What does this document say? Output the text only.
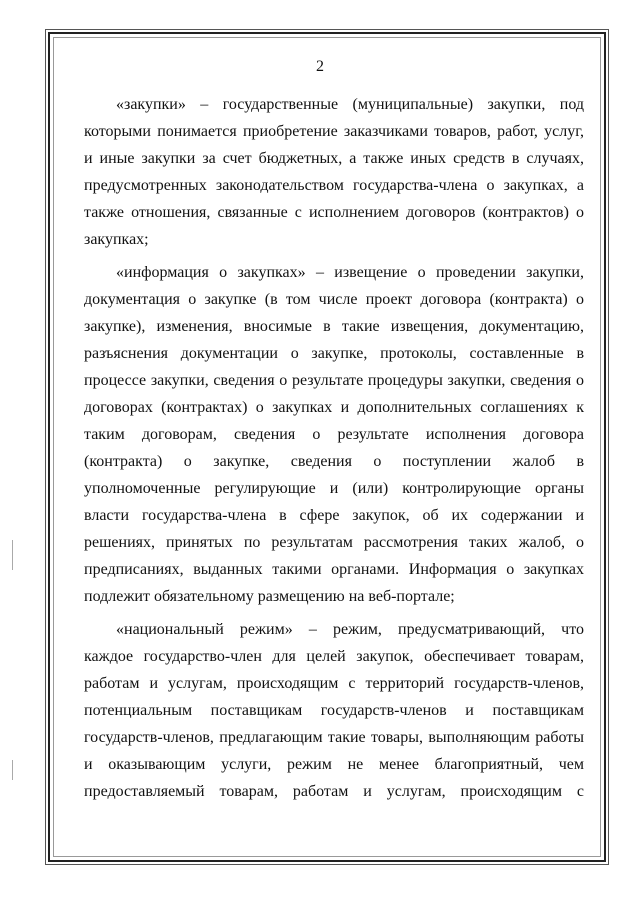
2

«закупки» – государственные (муниципальные) закупки, под
которыми понимается приобретение заказчиками товаров, работ, услуг,
и иные закупки за счет бюджетных, а также иных средств в случаях,
предусмотренных законодательством государства-члена о закупках, а
также отношения, связанные с исполнением договоров (контрактов) о
закупках;

«информация о закупках» – извещение о проведении закупки,
документация о закупке (в том числе проект договора (контракта) о
закупке), изменения, вносимые в такие извещения, документацию,
разъяснения документации о закупке, протоколы, составленные в
процессе закупки, сведения о результате процедуры закупки, сведения о
договорах (контрактах) о закупках и дополнительных соглашениях к
таким договорам, сведения о результате исполнения договора
(контракта) о закупке, сведения о поступлении жалоб в
уполномоченные регулирующие и (или) контролирующие органы
власти государства-члена в сфере закупок, об их содержании и
решениях, принятых по результатам рассмотрения таких жалоб, о
предписаниях, выданных такими органами. Информация о закупках
подлежит обязательному размещению на веб-портале;

«национальный режим» – режим, предусматривающий, что
каждое государство-член для целей закупок, обеспечивает товарам,
работам и услугам, происходящим с территорий государств-членов,
потенциальным поставщикам государств-членов и поставщикам
государств-членов, предлагающим такие товары, выполняющим работы
и оказывающим услуги, режим не менее благоприятный, чем
предоставляемый товарам, работам и услугам, происходящим с
